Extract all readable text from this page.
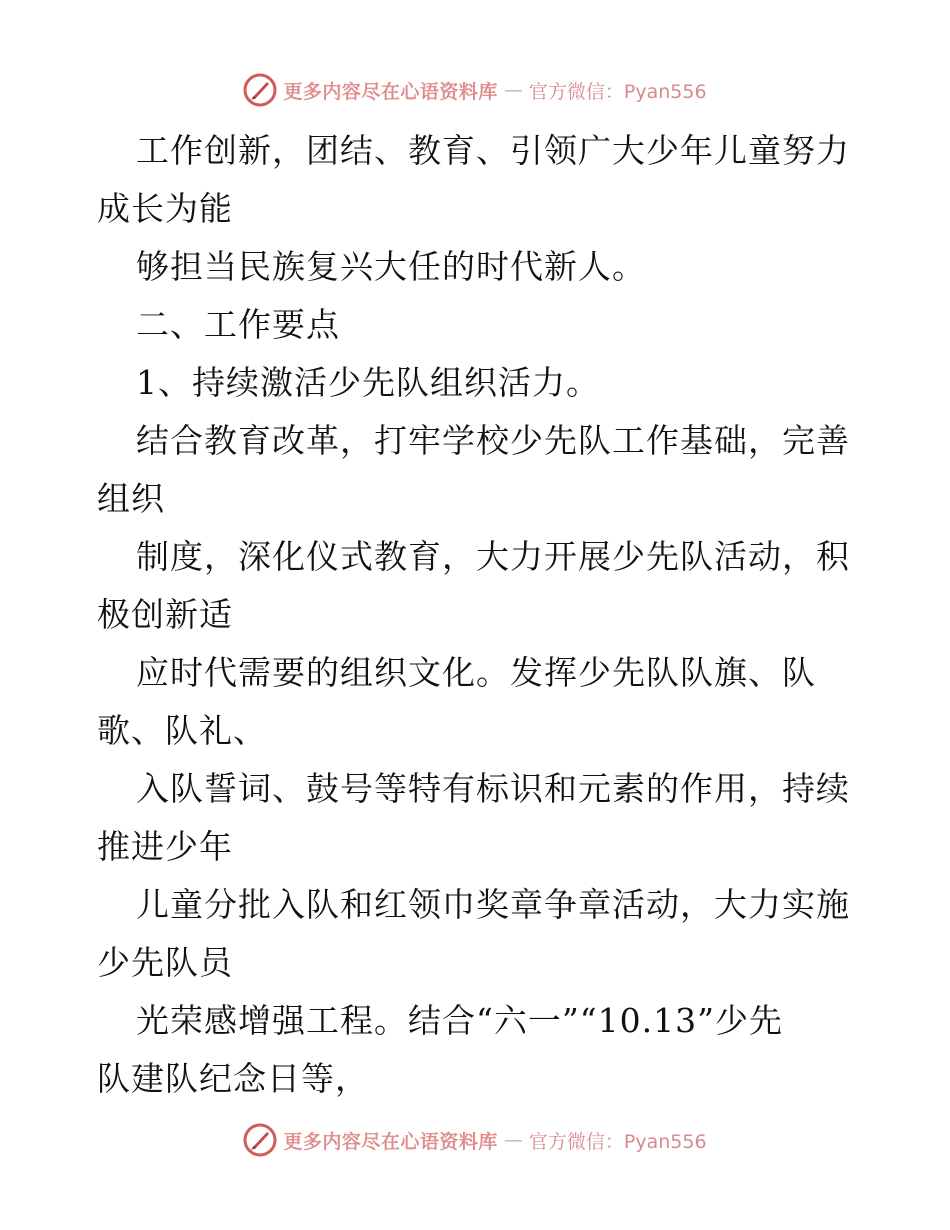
更多内容尽在心语资料库 — 官方微信：Pyan556
工作创新，团结、教育、引领广大少年儿童努力
成长为能
够担当民族复兴大任的时代新人。
二、工作要点
1、持续激活少先队组织活力。
结合教育改革，打牢学校少先队工作基础，完善
组织
制度，深化仪式教育，大力开展少先队活动，积
极创新适
应时代需要的组织文化。发挥少先队队旗、队
歌、队礼、
入队誓词、鼓号等特有标识和元素的作用，持续
推进少年
儿童分批入队和红领巾奖章争章活动，大力实施
少先队员
光荣感增强工程。结合“六一”“10.13”少先
队建队纪念日等，
更多内容尽在心语资料库 — 官方微信：Pyan556
